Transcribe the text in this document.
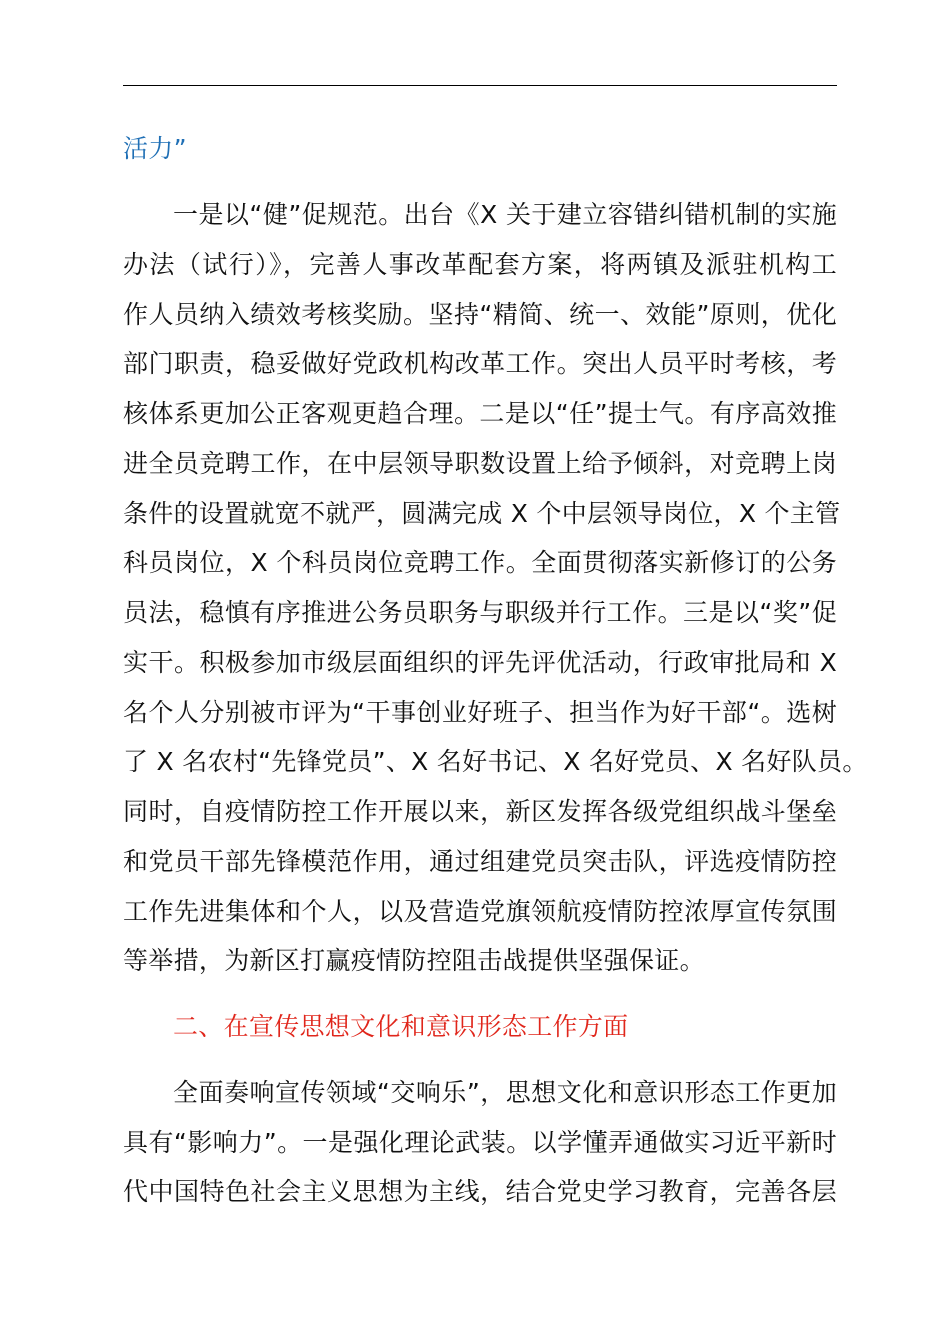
活力”
一是以“健”促规范。出台《X 关于建立容错纠错机制的实施
办法（试行）》，完善人事改革配套方案，将两镇及派驻机构工
作人员纳入绩效考核奖励。坚持“精简、统一、效能”原则，优化
部门职责，稳妥做好党政机构改革工作。突出人员平时考核，考
核体系更加公正客观更趋合理。二是以“任”提士气。有序高效推
进全员竞聘工作，在中层领导职数设置上给予倾斜，对竞聘上岗
条件的设置就宽不就严，圆满完成 X 个中层领导岗位，X 个主管
科员岗位，X 个科员岗位竞聘工作。全面贯彻落实新修订的公务
员法，稳慎有序推进公务员职务与职级并行工作。三是以“奖”促
实干。积极参加市级层面组织的评先评优活动，行政审批局和 X
名个人分别被市评为“干事创业好班子、担当作为好干部“。选树
了 X 名农村“先锋党员”、X 名好书记、X 名好党员、X 名好队员。
同时，自疫情防控工作开展以来，新区发挥各级党组织战斗堡垒
和党员干部先锋模范作用，通过组建党员突击队，评选疫情防控
工作先进集体和个人，以及营造党旗领航疫情防控浓厚宣传氛围
等举措，为新区打赢疫情防控阻击战提供坚强保证。
二、在宣传思想文化和意识形态工作方面
全面奏响宣传领域“交响乐”，思想文化和意识形态工作更加
具有“影响力”。一是强化理论武装。以学懂弄通做实习近平新时
代中国特色社会主义思想为主线，结合党史学习教育，完善各层
